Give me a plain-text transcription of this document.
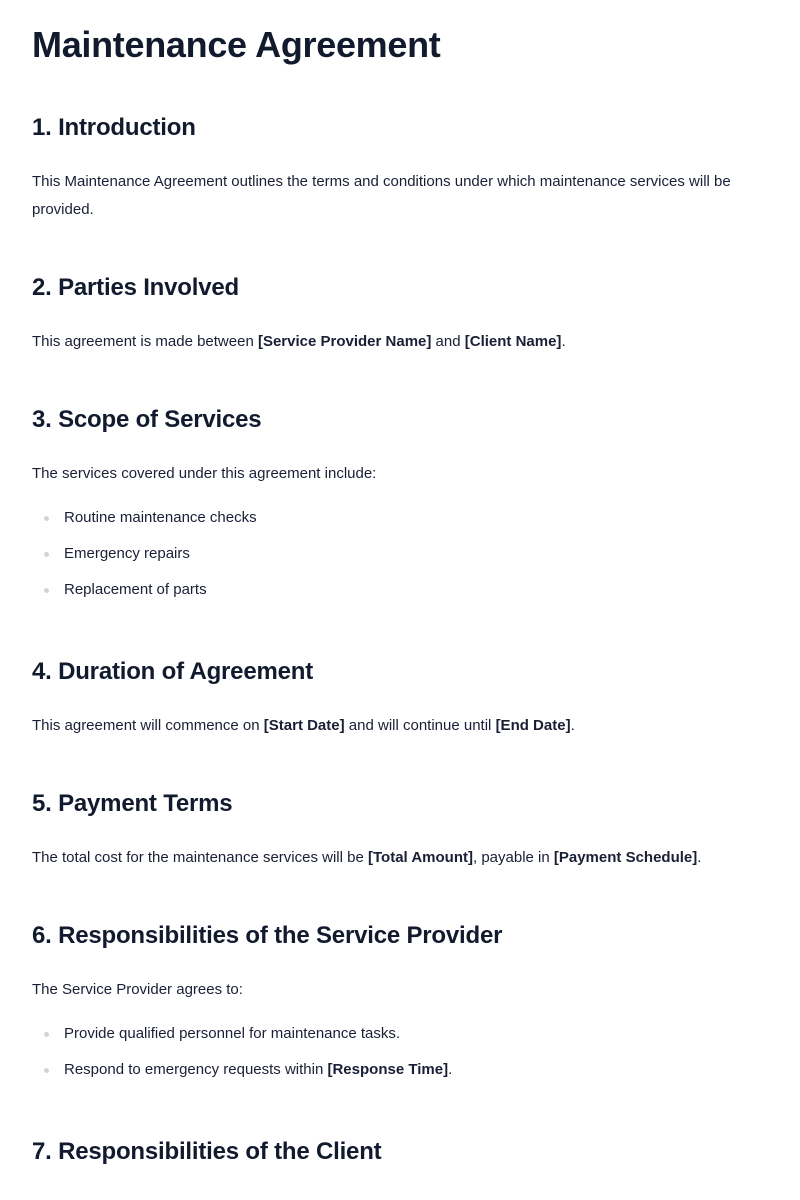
Maintenance Agreement
1. Introduction

This Maintenance Agreement outlines the terms and conditions under which maintenance services will be provided.

2. Parties Involved

This agreement is made between [Service Provider Name] and [Client Name].

3. Scope of Services

The services covered under this agreement include:

Routine maintenance checks
Emergency repairs
Replacement of parts
4. Duration of Agreement

This agreement will commence on [Start Date] and will continue until [End Date].

5. Payment Terms

The total cost for the maintenance services will be [Total Amount], payable in [Payment Schedule].

6. Responsibilities of the Service Provider

The Service Provider agrees to:

Provide qualified personnel for maintenance tasks.
Respond to emergency requests within [Response Time].
7. Responsibilities of the Client
